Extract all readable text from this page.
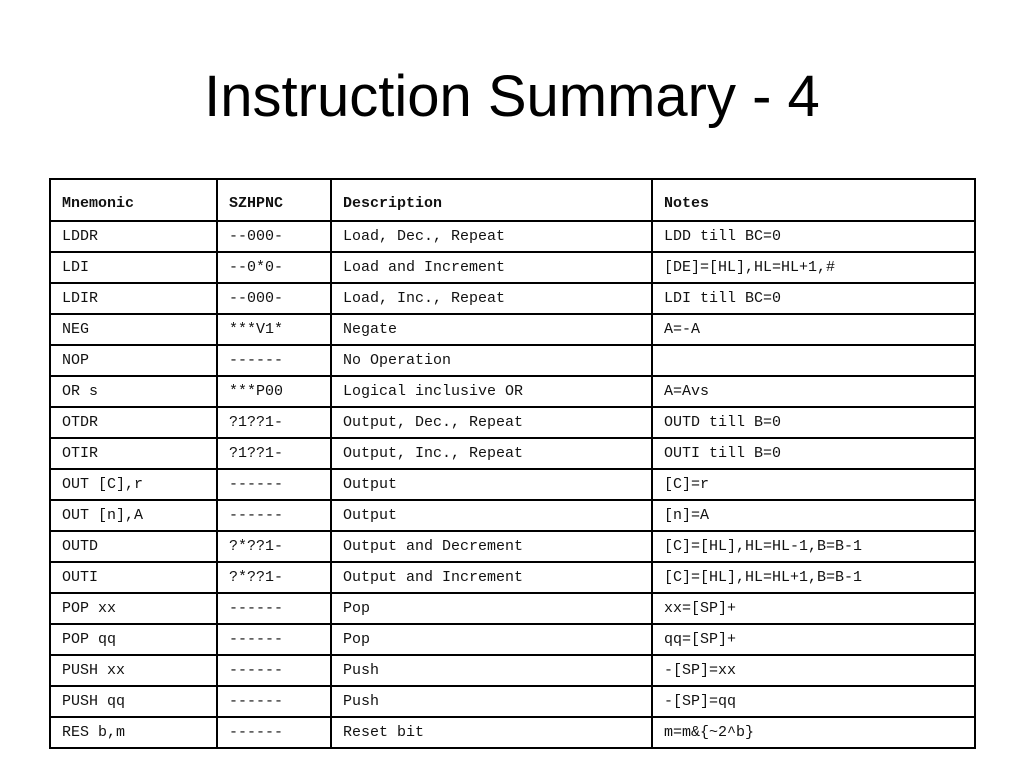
Instruction Summary - 4
Mnemonic	SZHPNC	Description	Notes
LDDR	--000-	Load, Dec., Repeat	LDD till BC=0
LDI	--0*0-	Load and Increment	[DE]=[HL],HL=HL+1,#
LDIR	--000-	Load, Inc., Repeat	LDI till BC=0
NEG	***V1*	Negate	A=-A
NOP	------	No Operation	
OR s	***P00	Logical inclusive OR	A=Avs
OTDR	?1??1-	Output, Dec., Repeat	OUTD till B=0
OTIR	?1??1-	Output, Inc., Repeat	OUTI till B=0
OUT [C],r	------	Output	[C]=r
OUT [n],A	------	Output	[n]=A
OUTD	?*??1-	Output and Decrement	[C]=[HL],HL=HL-1,B=B-1
OUTI	?*??1-	Output and Increment	[C]=[HL],HL=HL+1,B=B-1
POP xx	------	Pop	xx=[SP]+
POP qq	------	Pop	qq=[SP]+
PUSH xx	------	Push	-[SP]=xx
PUSH qq	------	Push	-[SP]=qq
RES b,m	------	Reset bit	m=m&{~2^b}
